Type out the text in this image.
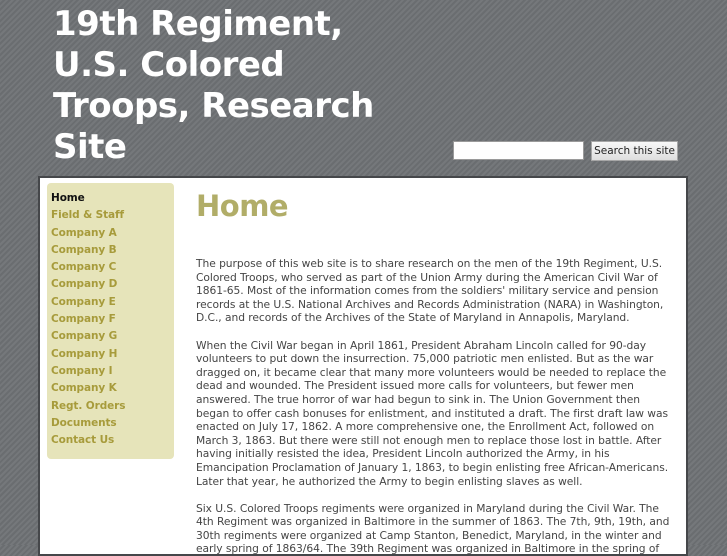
19th Regiment, U.S. Colored Troops, Research Site	Search this site
Home
Field & Staff
Company A
Company B
Company C
Company D
Company E
Company F
Company G
Company H
Company I
Company K
Regt. Orders
Documents
Contact Us
Home

The purpose of this web site is to share research on the men of the 19th Regiment, U.S. Colored Troops, who served as part of the Union Army during the American Civil War of 1861-65. Most of the information comes from the soldiers' military service and pension records at the U.S. National Archives and Records Administration (NARA) in Washington, D.C., and records of the Archives of the State of Maryland in Annapolis, Maryland.

When the Civil War began in April 1861, President Abraham Lincoln called for 90-day volunteers to put down the insurrection. 75,000 patriotic men enlisted. But as the war dragged on, it became clear that many more volunteers would be needed to replace the dead and wounded. The President issued more calls for volunteers, but fewer men answered. The true horror of war had begun to sink in. The Union Government then began to offer cash bonuses for enlistment, and instituted a draft. The first draft law was enacted on July 17, 1862. A more comprehensive one, the Enrollment Act, followed on March 3, 1863. But there were still not enough men to replace those lost in battle. After having initially resisted the idea, President Lincoln authorized the Army, in his Emancipation Proclamation of January 1, 1863, to begin enlisting free African-Americans. Later that year, he authorized the Army to begin enlisting slaves as well.

Six U.S. Colored Troops regiments were organized in Maryland during the Civil War. The 4th Regiment was organized in Baltimore in the summer of 1863. The 7th, 9th, 19th, and 30th regiments were organized at Camp Stanton, Benedict, Maryland, in the winter and early spring of 1863/64. The 39th Regiment was organized in Baltimore in the spring of
